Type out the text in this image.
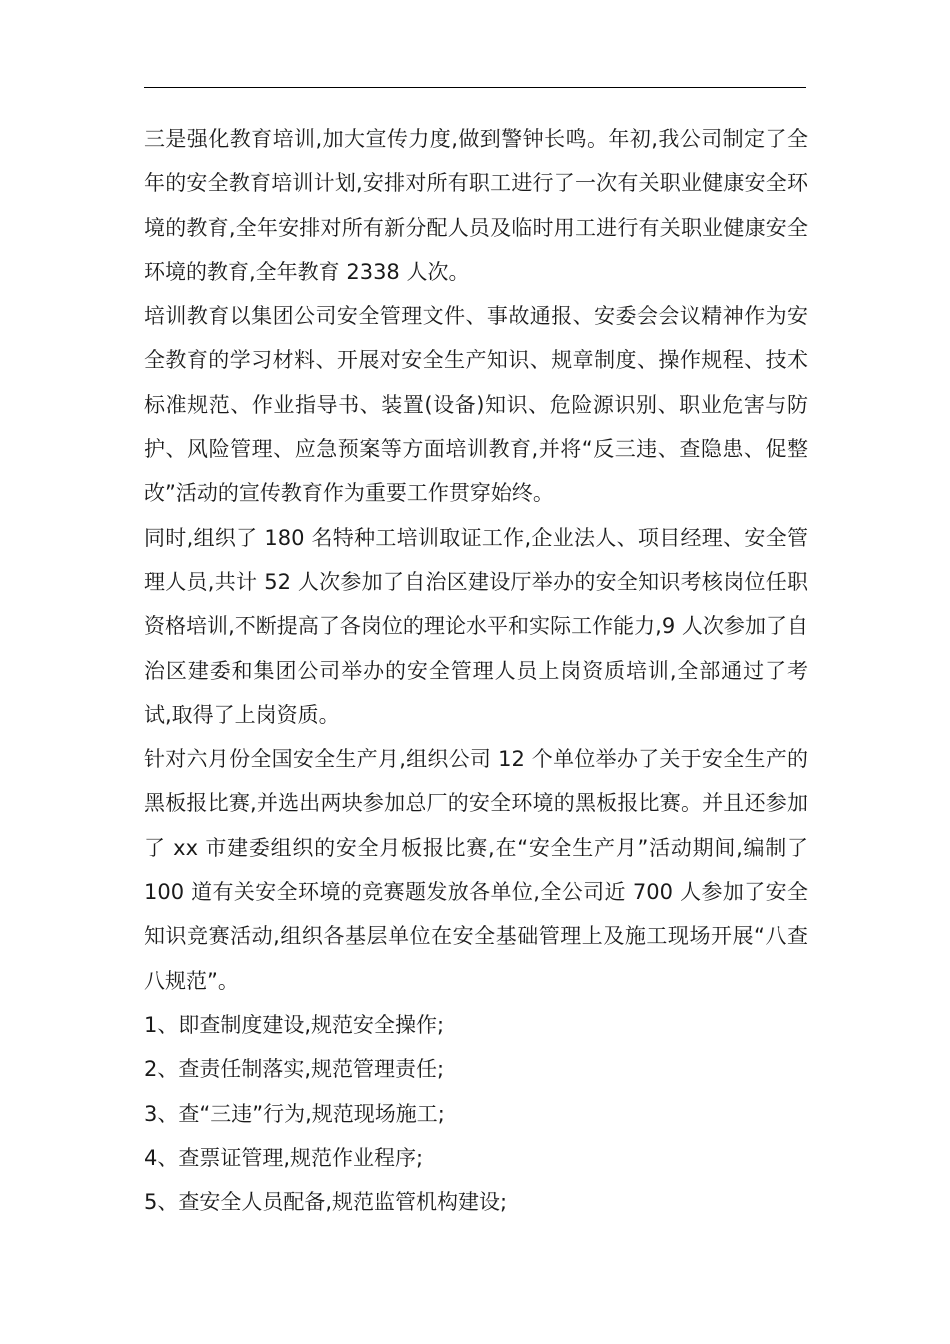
三是强化教育培训,加大宣传力度,做到警钟长鸣。年初,我公司制定了全年的安全教育培训计划,安排对所有职工进行了一次有关职业健康安全环境的教育,全年安排对所有新分配人员及临时用工进行有关职业健康安全环境的教育,全年教育 2338 人次。

培训教育以集团公司安全管理文件、事故通报、安委会会议精神作为安全教育的学习材料、开展对安全生产知识、规章制度、操作规程、技术标准规范、作业指导书、装置(设备)知识、危险源识别、职业危害与防护、风险管理、应急预案等方面培训教育,并将“反三违、查隐患、促整改”活动的宣传教育作为重要工作贯穿始终。

同时,组织了 180 名特种工培训取证工作,企业法人、项目经理、安全管理人员,共计 52 人次参加了自治区建设厅举办的安全知识考核岗位任职资格培训,不断提高了各岗位的理论水平和实际工作能力,9 人次参加了自治区建委和集团公司举办的安全管理人员上岗资质培训,全部通过了考试,取得了上岗资质。

针对六月份全国安全生产月,组织公司 12 个单位举办了关于安全生产的黑板报比赛,并选出两块参加总厂的安全环境的黑板报比赛。并且还参加了 xx 市建委组织的安全月板报比赛,在“安全生产月”活动期间,编制了 100 道有关安全环境的竞赛题发放各单位,全公司近 700 人参加了安全知识竞赛活动,组织各基层单位在安全基础管理上及施工现场开展“八查八规范”。

1、即查制度建设,规范安全操作;

2、查责任制落实,规范管理责任;

3、查“三违”行为,规范现场施工;

4、查票证管理,规范作业程序;

5、查安全人员配备,规范监管机构建设;
